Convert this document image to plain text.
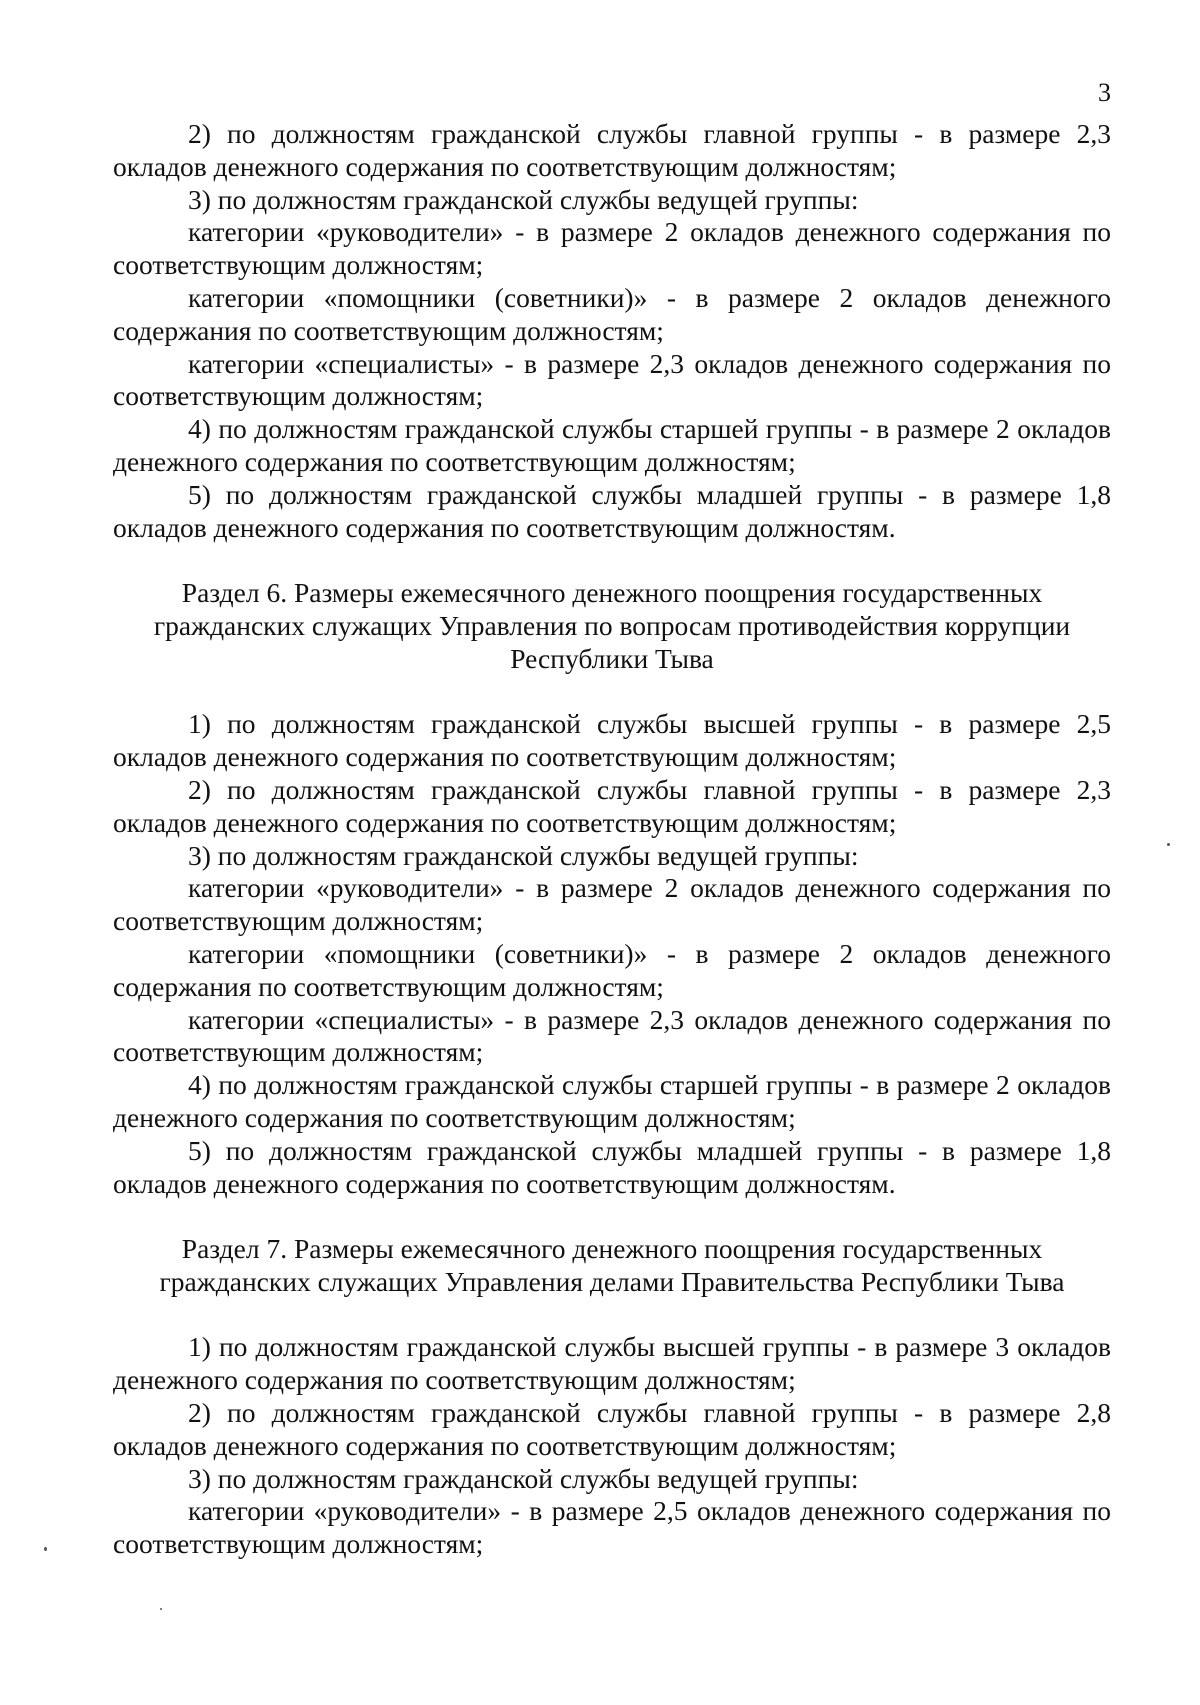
3

2) по должностям гражданской службы главной группы - в размере 2,3 окладов денежного содержания по соответствующим должностям;

3) по должностям гражданской службы ведущей группы:

категории «руководители» - в размере 2 окладов денежного содержания по соответствующим должностям;

категории «помощники (советники)» - в размере 2 окладов денежного содержания по соответствующим должностям;

категории «специалисты» - в размере 2,3 окладов денежного содержания по соответствующим должностям;

4) по должностям гражданской службы старшей группы - в размере 2 окладов денежного содержания по соответствующим должностям;

5) по должностям гражданской службы младшей группы - в размере 1,8 окладов денежного содержания по соответствующим должностям.

Раздел 6. Размеры ежемесячного денежного поощрения государственных

гражданских служащих Управления по вопросам противодействия коррупции

Республики Тыва

1) по должностям гражданской службы высшей группы - в размере 2,5 окладов денежного содержания по соответствующим должностям;

2) по должностям гражданской службы главной группы - в размере 2,3 окладов денежного содержания по соответствующим должностям;

3) по должностям гражданской службы ведущей группы:

категории «руководители» - в размере 2 окладов денежного содержания по соответствующим должностям;

категории «помощники (советники)» - в размере 2 окладов денежного содержания по соответствующим должностям;

категории «специалисты» - в размере 2,3 окладов денежного содержания по соответствующим должностям;

4) по должностям гражданской службы старшей группы - в размере 2 окладов денежного содержания по соответствующим должностям;

5) по должностям гражданской службы младшей группы - в размере 1,8 окладов денежного содержания по соответствующим должностям.

Раздел 7. Размеры ежемесячного денежного поощрения государственных

гражданских служащих Управления делами Правительства Республики Тыва

1) по должностям гражданской службы высшей группы - в размере 3 окладов денежного содержания по соответствующим должностям;

2) по должностям гражданской службы главной группы - в размере 2,8 окладов денежного содержания по соответствующим должностям;

3) по должностям гражданской службы ведущей группы:

категории «руководители» - в размере 2,5 окладов денежного содержания по соответствующим должностям;
